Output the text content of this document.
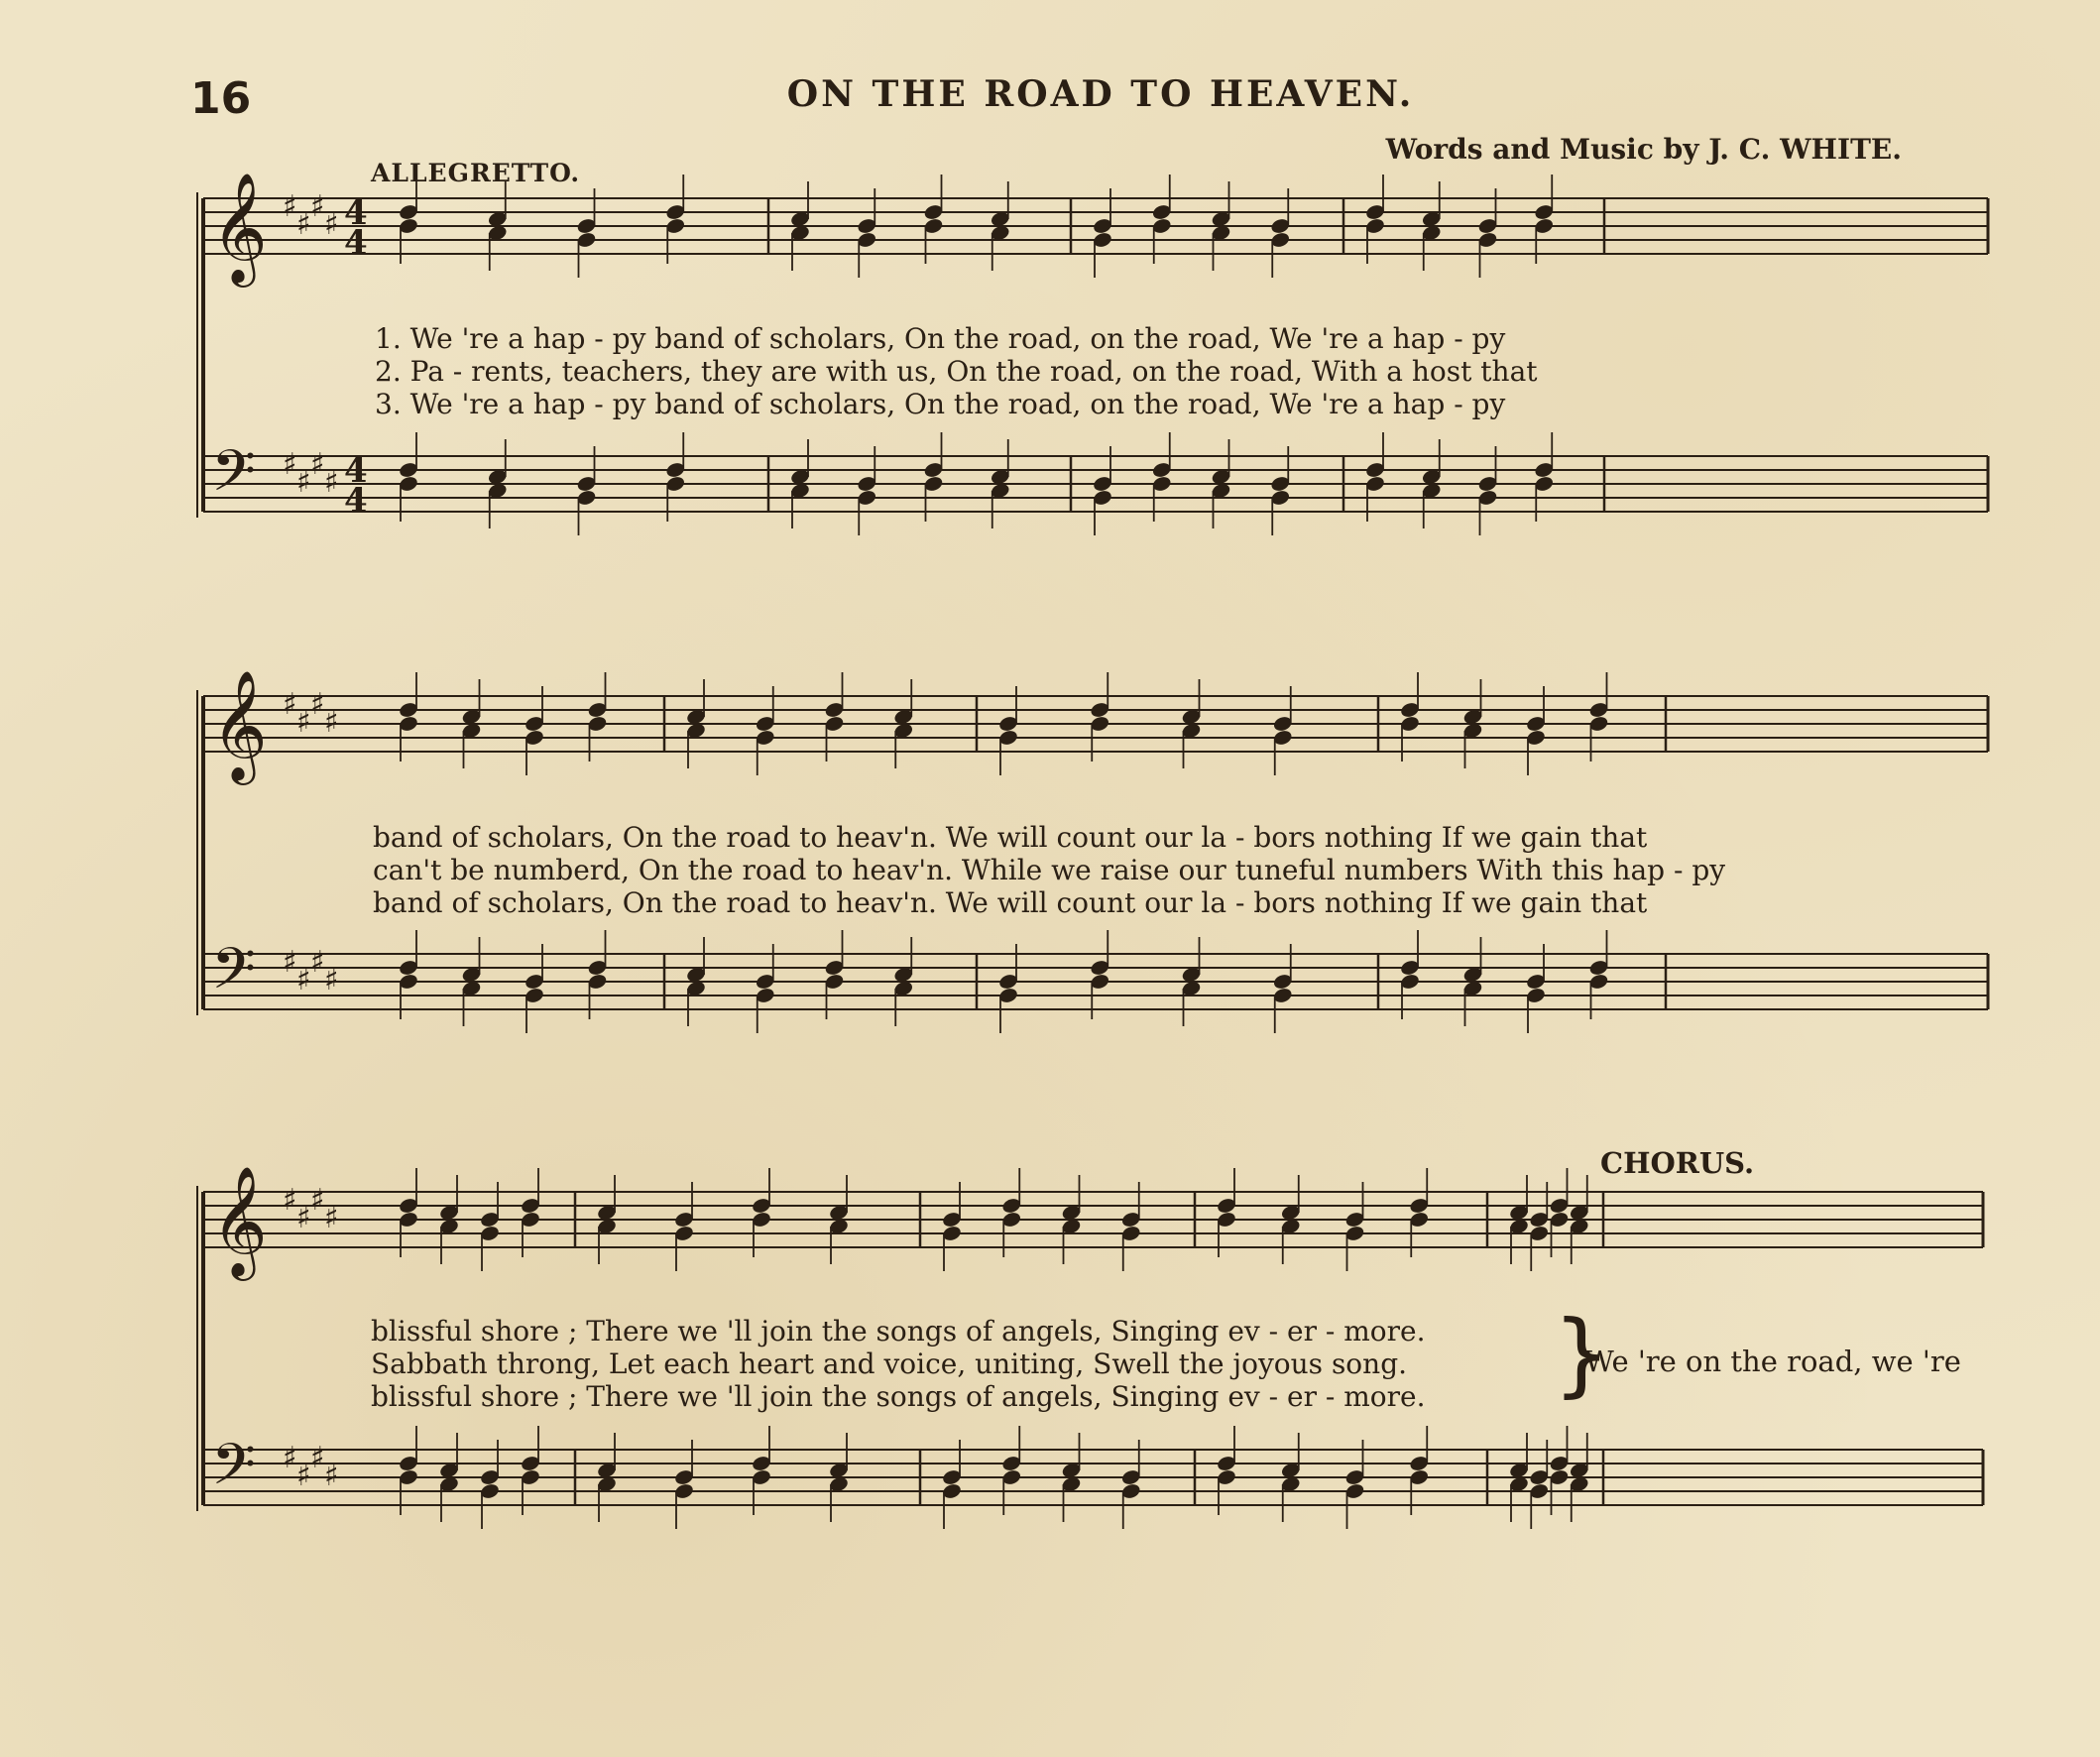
16	ON THE ROAD TO HEAVEN.
Words and Music by J. C. WHITE.
ALLEGRETTO.
CHORUS.
𝄞 ♯
♯
♯
♯ 4
4
𝄢 ♯
♯
♯
♯ 4
4
𝄞 ♯
♯
♯
♯
𝄢 ♯
♯
♯
♯
𝄞 ♯
♯
♯
♯
𝄢 ♯
♯
♯
♯
1. We 're a hap - py band of scholars, On the road, on the road, We 're a hap - py
2. Pa - rents, teachers, they are with us, On the road, on the road, With a host that
3. We 're a hap - py band of scholars, On the road, on the road, We 're a hap - py
band of scholars, On the road to heav'n. We will count our la - bors nothing If we gain that
can't be numberd, On the road to heav'n. While we raise our tuneful numbers With this hap - py
band of scholars, On the road to heav'n. We will count our la - bors nothing If we gain that
blissful shore ; There we 'll join the songs of angels, Singing ev - er - more.
Sabbath throng, Let each heart and voice, uniting, Swell the joyous song.
blissful shore ; There we 'll join the songs of angels, Singing ev - er - more. }
We 're on the road, we 're
